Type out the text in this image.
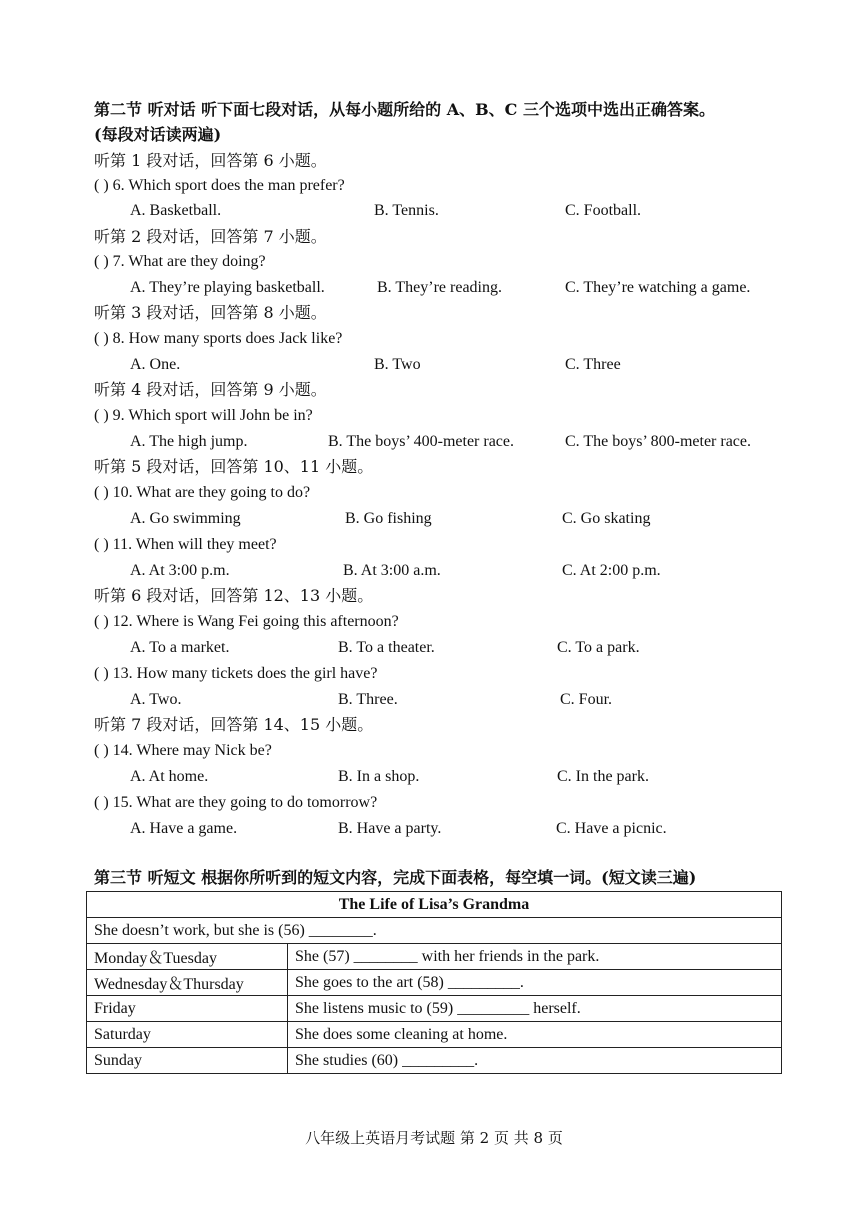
第二节 听对话 听下面七段对话，从每小题所给的 A、B、C 三个选项中选出正确答案。
(每段对话读两遍)
听第 1 段对话，回答第 6 小题。
( ) 6. Which sport does the man prefer?
A. Basketball.	B. Tennis.	C. Football.
听第 2 段对话，回答第 7 小题。
( ) 7. What are they doing?
A. They’re playing basketball.	B. They’re reading.	C. They’re watching a game.
听第 3 段对话，回答第 8 小题。
( ) 8. How many sports does Jack like?
A. One.	B. Two	C. Three
听第 4 段对话，回答第 9 小题。
( ) 9. Which sport will John be in?
A. The high jump.	B. The boys’ 400-meter race.	C. The boys’ 800-meter race.
听第 5 段对话，回答第 10、11 小题。
( ) 10. What are they going to do?
A. Go swimming	B. Go fishing	C. Go skating
( ) 11. When will they meet?
A. At 3:00 p.m.	B. At 3:00 a.m.	C. At 2:00 p.m.
听第 6 段对话，回答第 12、13 小题。
( ) 12. Where is Wang Fei going this afternoon?
A. To a market.	B. To a theater.	C. To a park.
( ) 13. How many tickets does the girl have?
A. Two.	B. Three.	C. Four.
听第 7 段对话，回答第 14、15 小题。
( ) 14. Where may Nick be?
A. At home.	B. In a shop.	C. In the park.
( ) 15. What are they going to do tomorrow?
A. Have a game.	B. Have a party.	C. Have a picnic.
第三节 听短文 根据你所听到的短文内容，完成下面表格，每空填一词。(短文读三遍)
The Life of Lisa’s Grandma	
She doesn’t work, but she is (56) ________.	
Monday＆Tuesday	She (57) ________ with her friends in the park.
Wednesday＆Thursday	She goes to the art (58) _________.
Friday	She listens music to (59) _________ herself.
Saturday	She does some cleaning at home.
Sunday	She studies (60) _________.
八年级上英语月考试题 第 2 页 共 8 页
